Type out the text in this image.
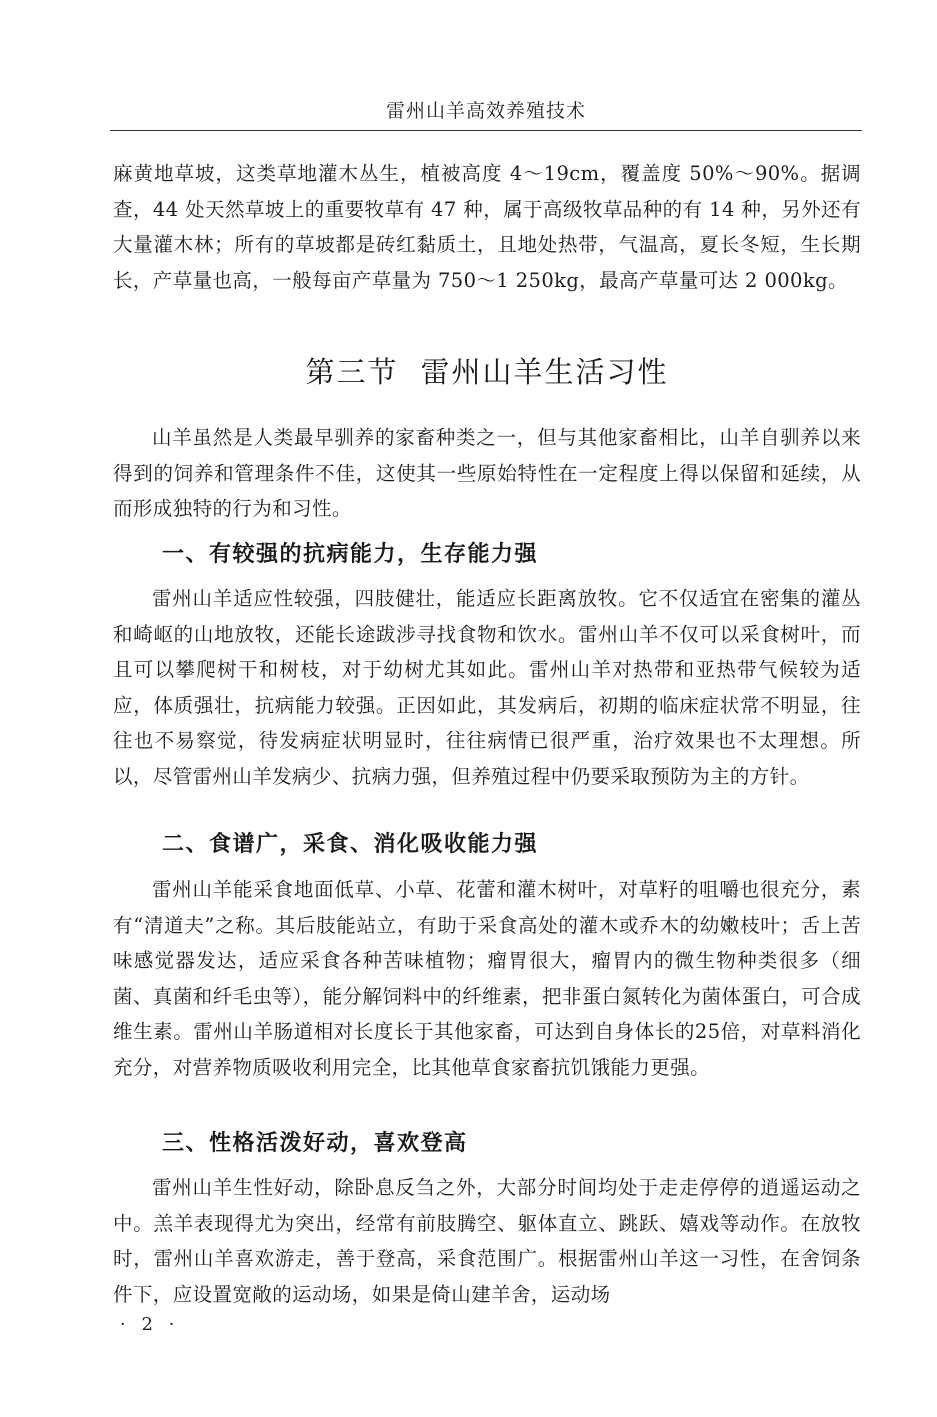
雷州山羊高效养殖技术

麻黄地草坡，这类草地灌木丛生，植被高度 4～19cm，覆盖度 50%～90%。据调查，44 处天然草坡上的重要牧草有 47 种，属于高级牧草品种的有 14 种，另外还有大量灌木林；所有的草坡都是砖红黏质土，且地处热带，气温高，夏长冬短，生长期长，产草量也高，一般每亩产草量为 750～1 250kg，最高产草量可达 2 000kg。

第三节 雷州山羊生活习性

山羊虽然是人类最早驯养的家畜种类之一，但与其他家畜相比，山羊自驯养以来得到的饲养和管理条件不佳，这使其一些原始特性在一定程度上得以保留和延续，从而形成独特的行为和习性。

一、有较强的抗病能力，生存能力强

雷州山羊适应性较强，四肢健壮，能适应长距离放牧。它不仅适宜在密集的灌丛和崎岖的山地放牧，还能长途跋涉寻找食物和饮水。雷州山羊不仅可以采食树叶，而且可以攀爬树干和树枝，对于幼树尤其如此。雷州山羊对热带和亚热带气候较为适应，体质强壮，抗病能力较强。正因如此，其发病后，初期的临床症状常不明显，往往也不易察觉，待发病症状明显时，往往病情已很严重，治疗效果也不太理想。所以，尽管雷州山羊发病少、抗病力强，但养殖过程中仍要采取预防为主的方针。

二、食谱广，采食、消化吸收能力强

雷州山羊能采食地面低草、小草、花蕾和灌木树叶，对草籽的咀嚼也很充分，素有“清道夫”之称。其后肢能站立，有助于采食高处的灌木或乔木的幼嫩枝叶；舌上苦味感觉器发达，适应采食各种苦味植物；瘤胃很大，瘤胃内的微生物种类很多（细菌、真菌和纤毛虫等），能分解饲料中的纤维素，把非蛋白氮转化为菌体蛋白，可合成维生素。雷州山羊肠道相对长度长于其他家畜，可达到自身体长的25倍，对草料消化充分，对营养物质吸收利用完全，比其他草食家畜抗饥饿能力更强。

三、性格活泼好动，喜欢登高

雷州山羊生性好动，除卧息反刍之外，大部分时间均处于走走停停的逍遥运动之中。羔羊表现得尤为突出，经常有前肢腾空、躯体直立、跳跃、嬉戏等动作。在放牧时，雷州山羊喜欢游走，善于登高，采食范围广。根据雷州山羊这一习性，在舍饲条件下，应设置宽敞的运动场，如果是倚山建羊舍，运动场

· 2 ·
